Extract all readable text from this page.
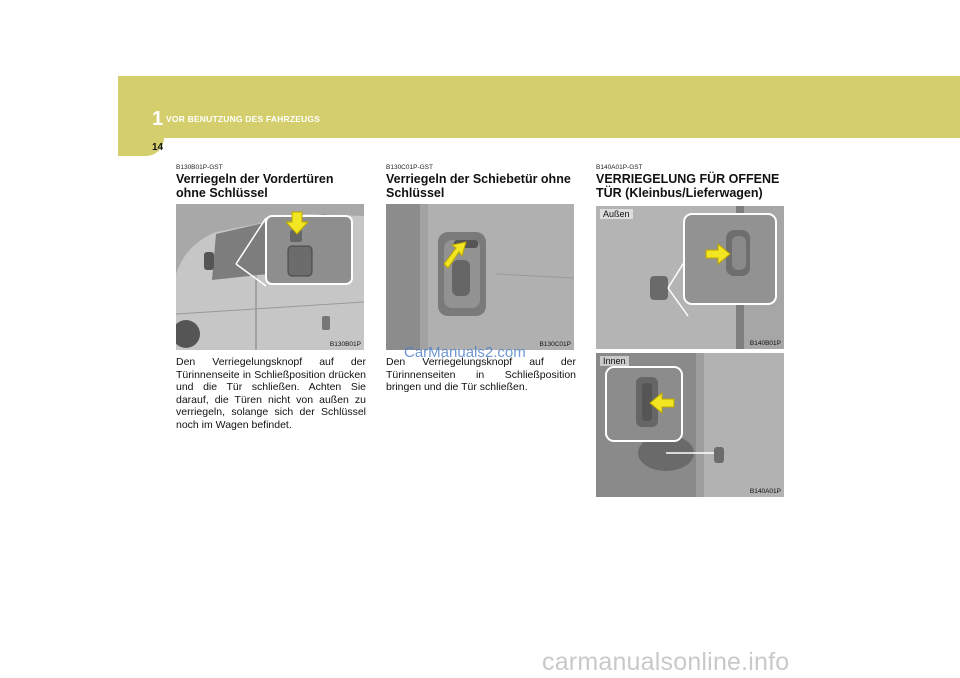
1 VOR BENUTZUNG DES FAHRZEUGS
14
B130B01P-GST
Verriegeln der Vordertüren ohne Schlüssel
B130B01P
Den Verriegelungsknopf auf der Türinnenseite in Schließposition drücken und die Tür schließen. Achten Sie darauf, die Türen nicht von außen zu verriegeln, solange sich der Schlüssel noch im Wagen befindet.
B130C01P-GST
Verriegeln der Schiebetür ohne Schlüssel
B130C01P
Den Verriegelungsknopf auf der Türinnenseiten in Schließposition bringen und die Tür schließen.
B140A01P-GST
VERRIEGELUNG FÜR OFFENE TÜR (Kleinbus/Lieferwagen)
Außen
B140B01P
Innen
B140A01P
CarManuals2.com
carmanualsonline.info
